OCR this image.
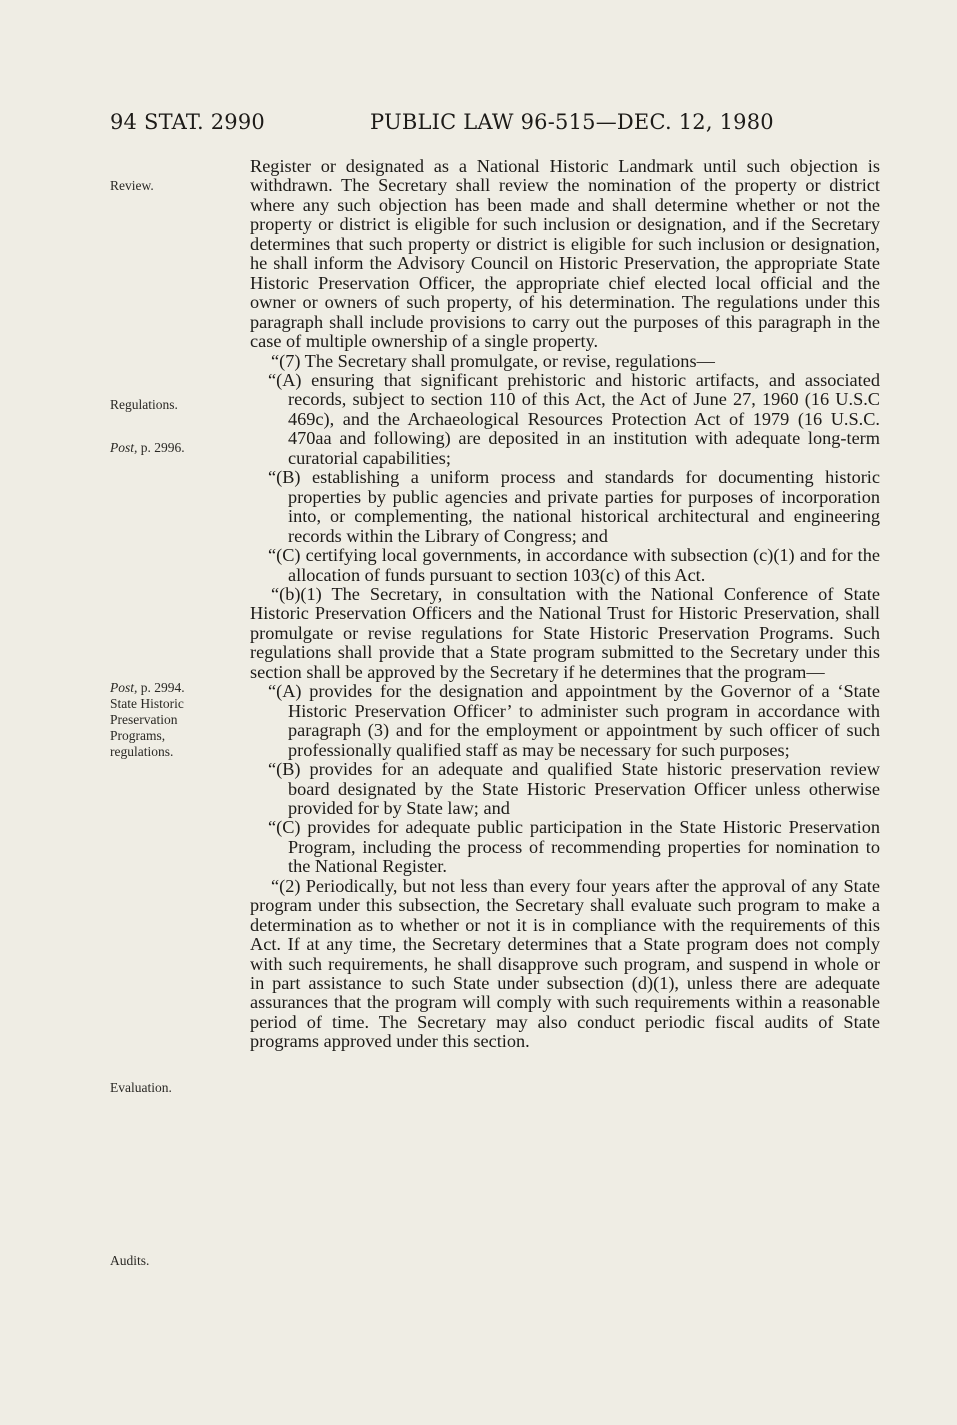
94 STAT. 2990	PUBLIC LAW 96-515—DEC. 12, 1980
Review.
Regulations.
Post, p. 2996.
Post, p. 2994.
State Historic Preservation Programs, regulations.
Evaluation.
Audits.

Register or designated as a National Historic Landmark until such objection is withdrawn. The Secretary shall review the nomination of the property or district where any such objection has been made and shall determine whether or not the property or district is eligible for such inclusion or designation, and if the Secretary determines that such property or district is eligible for such inclusion or designation, he shall inform the Advisory Council on Historic Preservation, the appropriate State Historic Preservation Officer, the appropriate chief elected local official and the owner or owners of such property, of his determination. The regulations under this paragraph shall include provisions to carry out the purposes of this paragraph in the case of multiple ownership of a single property.

“(7) The Secretary shall promulgate, or revise, regulations—

“(A) ensuring that significant prehistoric and historic artifacts, and associated records, subject to section 110 of this Act, the Act of June 27, 1960 (16 U.S.C 469c), and the Archaeological Resources Protection Act of 1979 (16 U.S.C. 470aa and following) are deposited in an institution with adequate long-term curatorial capabilities;

“(B) establishing a uniform process and standards for documenting historic properties by public agencies and private parties for purposes of incorporation into, or complementing, the national historical architectural and engineering records within the Library of Congress; and

“(C) certifying local governments, in accordance with subsection (c)(1) and for the allocation of funds pursuant to section 103(c) of this Act.

“(b)(1) The Secretary, in consultation with the National Conference of State Historic Preservation Officers and the National Trust for Historic Preservation, shall promulgate or revise regulations for State Historic Preservation Programs. Such regulations shall provide that a State program submitted to the Secretary under this section shall be approved by the Secretary if he determines that the program—

“(A) provides for the designation and appointment by the Governor of a ‘State Historic Preservation Officer’ to administer such program in accordance with paragraph (3) and for the employment or appointment by such officer of such professionally qualified staff as may be necessary for such purposes;

“(B) provides for an adequate and qualified State historic preservation review board designated by the State Historic Preservation Officer unless otherwise provided for by State law; and

“(C) provides for adequate public participation in the State Historic Preservation Program, including the process of recommending properties for nomination to the National Register.

“(2) Periodically, but not less than every four years after the approval of any State program under this subsection, the Secretary shall evaluate such program to make a determination as to whether or not it is in compliance with the requirements of this Act. If at any time, the Secretary determines that a State program does not comply with such requirements, he shall disapprove such program, and suspend in whole or in part assistance to such State under subsection (d)(1), unless there are adequate assurances that the program will comply with such requirements within a reasonable period of time. The Secretary may also conduct periodic fiscal audits of State programs approved under this section.
